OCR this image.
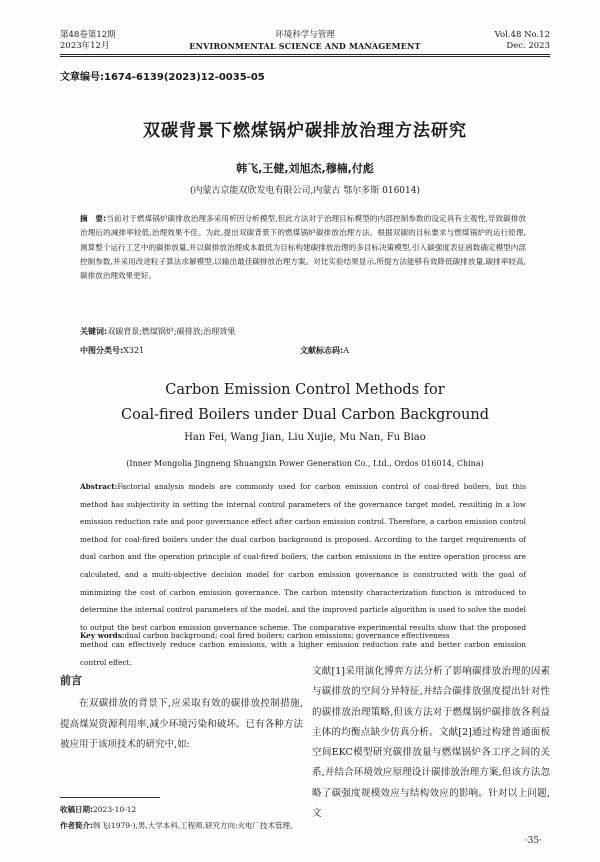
第48卷第12期
2023年12月
环境科学与管理
ENVIRONMENTAL SCIENCE AND MANAGEMENT
Vol.48 No.12
Dec. 2023
文章编号:1674-6139(2023)12-0035-05
双碳背景下燃煤锅炉碳排放治理方法研究
韩飞,王健,刘旭杰,穆楠,付彪
(内蒙古京能双欣发电有限公司,内蒙古 鄂尔多斯 016014)
摘　要:当前对于燃煤锅炉碳排放治理多采用析因分析模型,但此方法对于治理目标模型的内部控制参数的设定具有主观性,导致碳排放治理后的减排率较低,治理效果不佳。为此,提出双碳背景下的燃煤锅炉碳排放治理方法。根据双碳的目标要求与燃煤锅炉的运行原理,测算整个运行工艺中的碳排放量,并以碳排放治理成本最低为目标构建碳排放治理的多目标决策模型,引入碳强度表征函数确定模型内部控制参数,并采用改进粒子算法求解模型,以输出最佳碳排放治理方案。对比实验结果显示,所提方法能够有效降低碳排放量,碳排率较高,碳排放治理效果更好。
关键词:双碳背景;燃煤锅炉;碳排放;治理效果
中图分类号:X321	文献标志码:A
Carbon Emission Control Methods for
Coal-fired Boilers under Dual Carbon Background
Han Fei, Wang Jian, Liu Xujie, Mu Nan, Fu Biao
(Inner Mongolia Jingneng Shuangxin Power Generation Co., Ltd., Ordos 016014, China)
Abstract:Factorial analysis models are commonly used for carbon emission control of coal-fired boilers, but this method has subjectivity in setting the internal control parameters of the governance target model, resulting in a low emission reduction rate and poor governance effect after carbon emission control. Therefore, a carbon emission control method for coal-fired boilers under the dual carbon background is proposed. According to the target requirements of dual carbon and the operation principle of coal-fired boilers, the carbon emissions in the entire operation process are calculated, and a multi-objective decision model for carbon emission governance is constructed with the goal of minimizing the cost of carbon emission governance. The carbon intensity characterization function is introduced to determine the internal control parameters of the model, and the improved particle algorithm is used to solve the model to output the best carbon emission governance scheme. The comparative experimental results show that the proposed method can effectively reduce carbon emissions, with a higher emission reduction rate and better carbon emission control effect.
Key words:dual carbon background; coal fired boilers; carbon emissions; governance effectiveness
前言
在双碳排放的背景下,应采取有效的碳排放控制措施,提高煤炭资源利用率,减少环境污染和破坏。已有各种方法被应用于该项技术的研究中,如:
收稿日期:2023-10-12
作者简介:韩飞(1979-),男,大学本科,工程师,研究方向:火电厂技术管理。
文献[1]采用演化博弈方法分析了影响碳排放治理的因素与碳排放的空间分异特征,并结合碳排放强度提出针对性的碳排放治理策略,但该方法对于燃煤锅炉碳排放各利益主体的均衡点缺少仿真分析。文献[2]通过构建普通面板空间EKC模型研究碳排放量与燃煤锅炉各工序之间的关系,并结合环境效应原理设计碳排放治理方案,但该方法忽略了碳强度规模效应与结构效应的影响。针对以上问题,文
·35·
